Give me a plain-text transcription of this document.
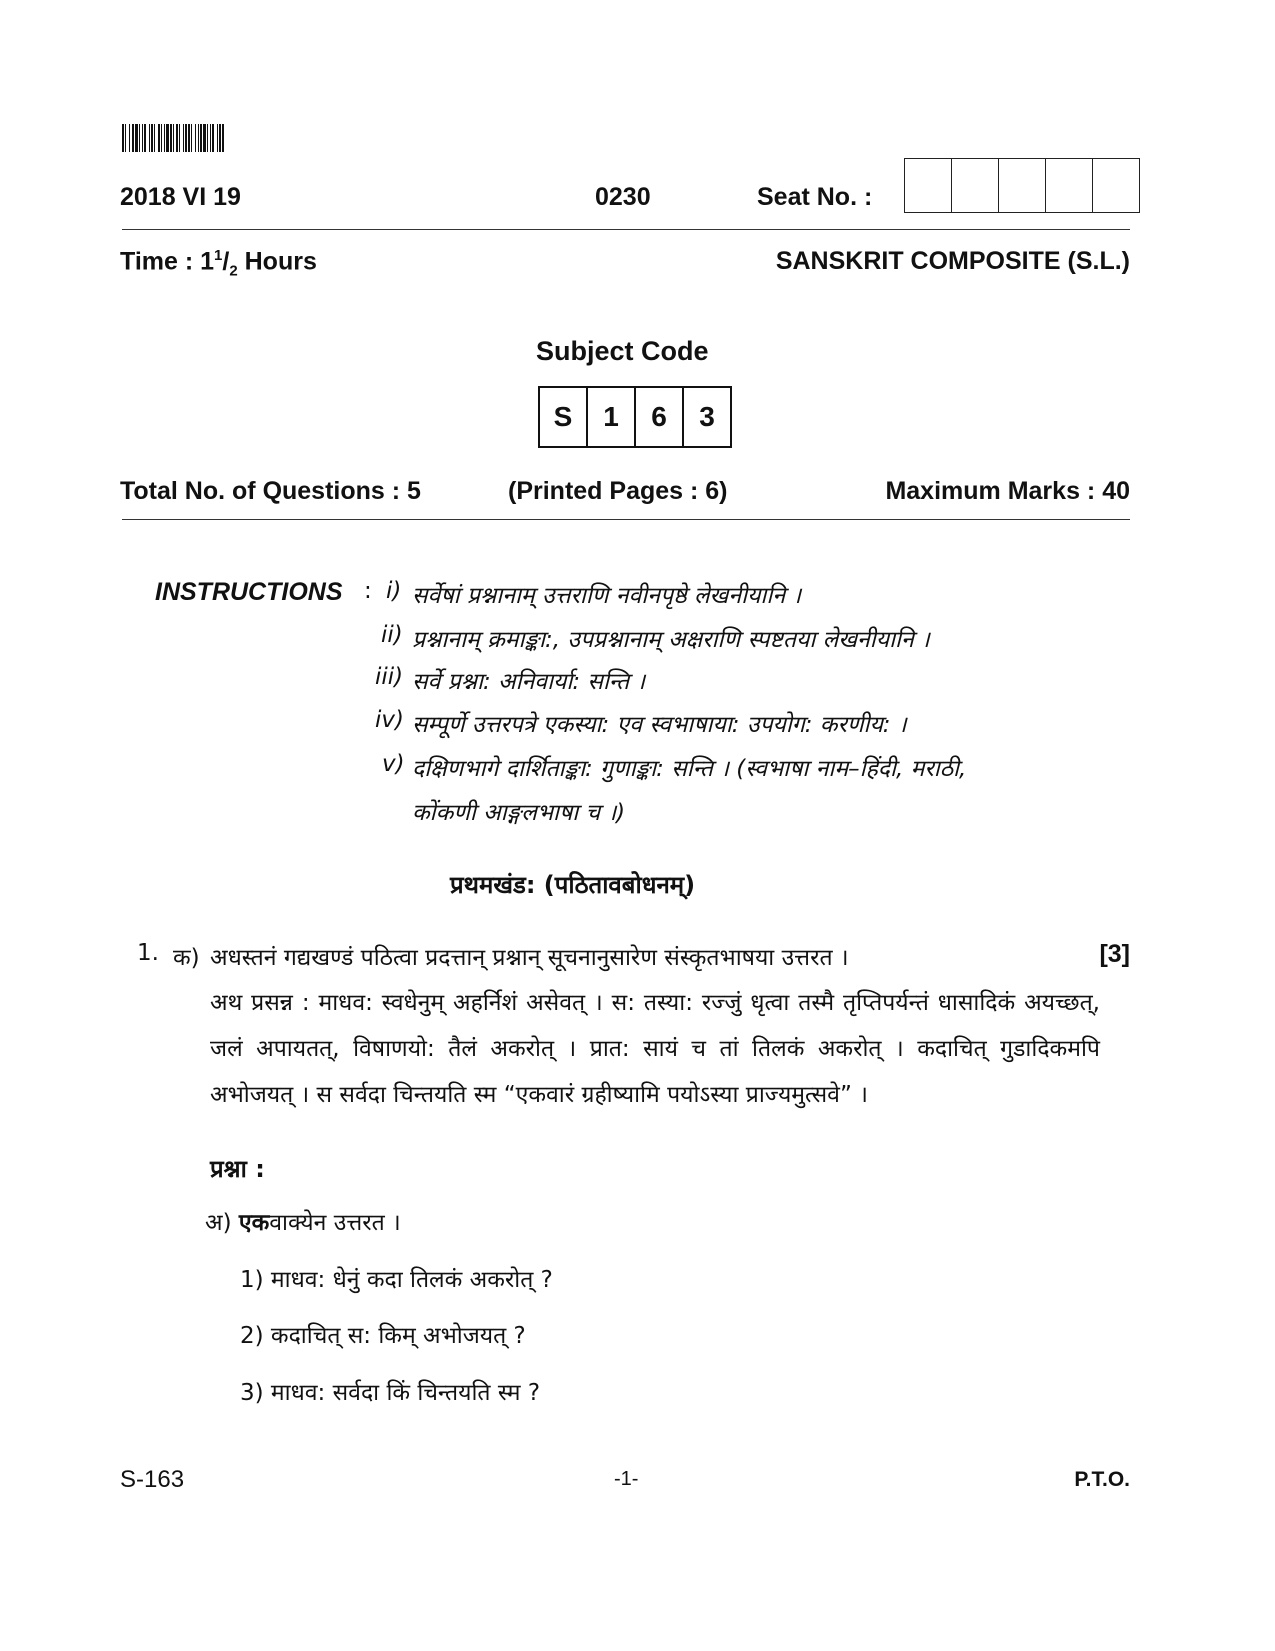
2018 VI 19	0230	Seat No. :
Time : $1^1/_2$ Hours	SANSKRIT COMPOSITE (S.L.)
Subject Code
S	1	6	3
Total No. of Questions : 5	(Printed Pages : 6)	Maximum Marks : 40
INSTRUCTIONS : i) सर्वेषां प्रश्नानाम् उत्तराणि नवीनपृष्ठे लेखनीयानि ।
ii) प्रश्नानाम् क्रमाङ्का:, उपप्रश्नानाम् अक्षराणि स्पष्टतया लेखनीयानि ।
iii) सर्वे प्रश्ना: अनिवार्या: सन्ति ।
iv) सम्पूर्णे उत्तरपत्रे एकस्या: एव स्वभाषाया: उपयोग: करणीय: ।
v) दक्षिणभागे दार्शिताङ्का: गुणाङ्का: सन्ति । (स्वभाषा नाम–हिंदी, मराठी,
कोंकणी आङ्गलभाषा च ।)
प्रथमखंड: (पठितावबोधनम्)
1. क) अधस्तनं गद्यखण्डं पठित्वा प्रदत्तान् प्रश्नान् सूचनानुसारेण संस्कृतभाषया उत्तरत ।	[3]
अथ प्रसन्न : माधव: स्वधेनुम् अहर्निशं असेवत् । स: तस्या: रज्जुं धृत्वा तस्मै तृप्तिपर्यन्तं धासादिकं अयच्छत्, जलं अपायतत्, विषाणयो: तैलं अकरोत् । प्रात: सायं च तां तिलकं अकरोत् । कदाचित् गुडादिकमपि अभोजयत् । स सर्वदा चिन्तयति स्म “एकवारं ग्रहीष्यामि पयोऽस्या प्राज्यमुत्सवे” ।
प्रश्ना :
अ) एकवाक्येन उत्तरत ।
1) माधव: धेनुं कदा तिलकं अकरोत् ?
2) कदाचित् स: किम् अभोजयत् ?
3) माधव: सर्वदा किं चिन्तयति स्म ?
S-163	-1-	P.T.O.
